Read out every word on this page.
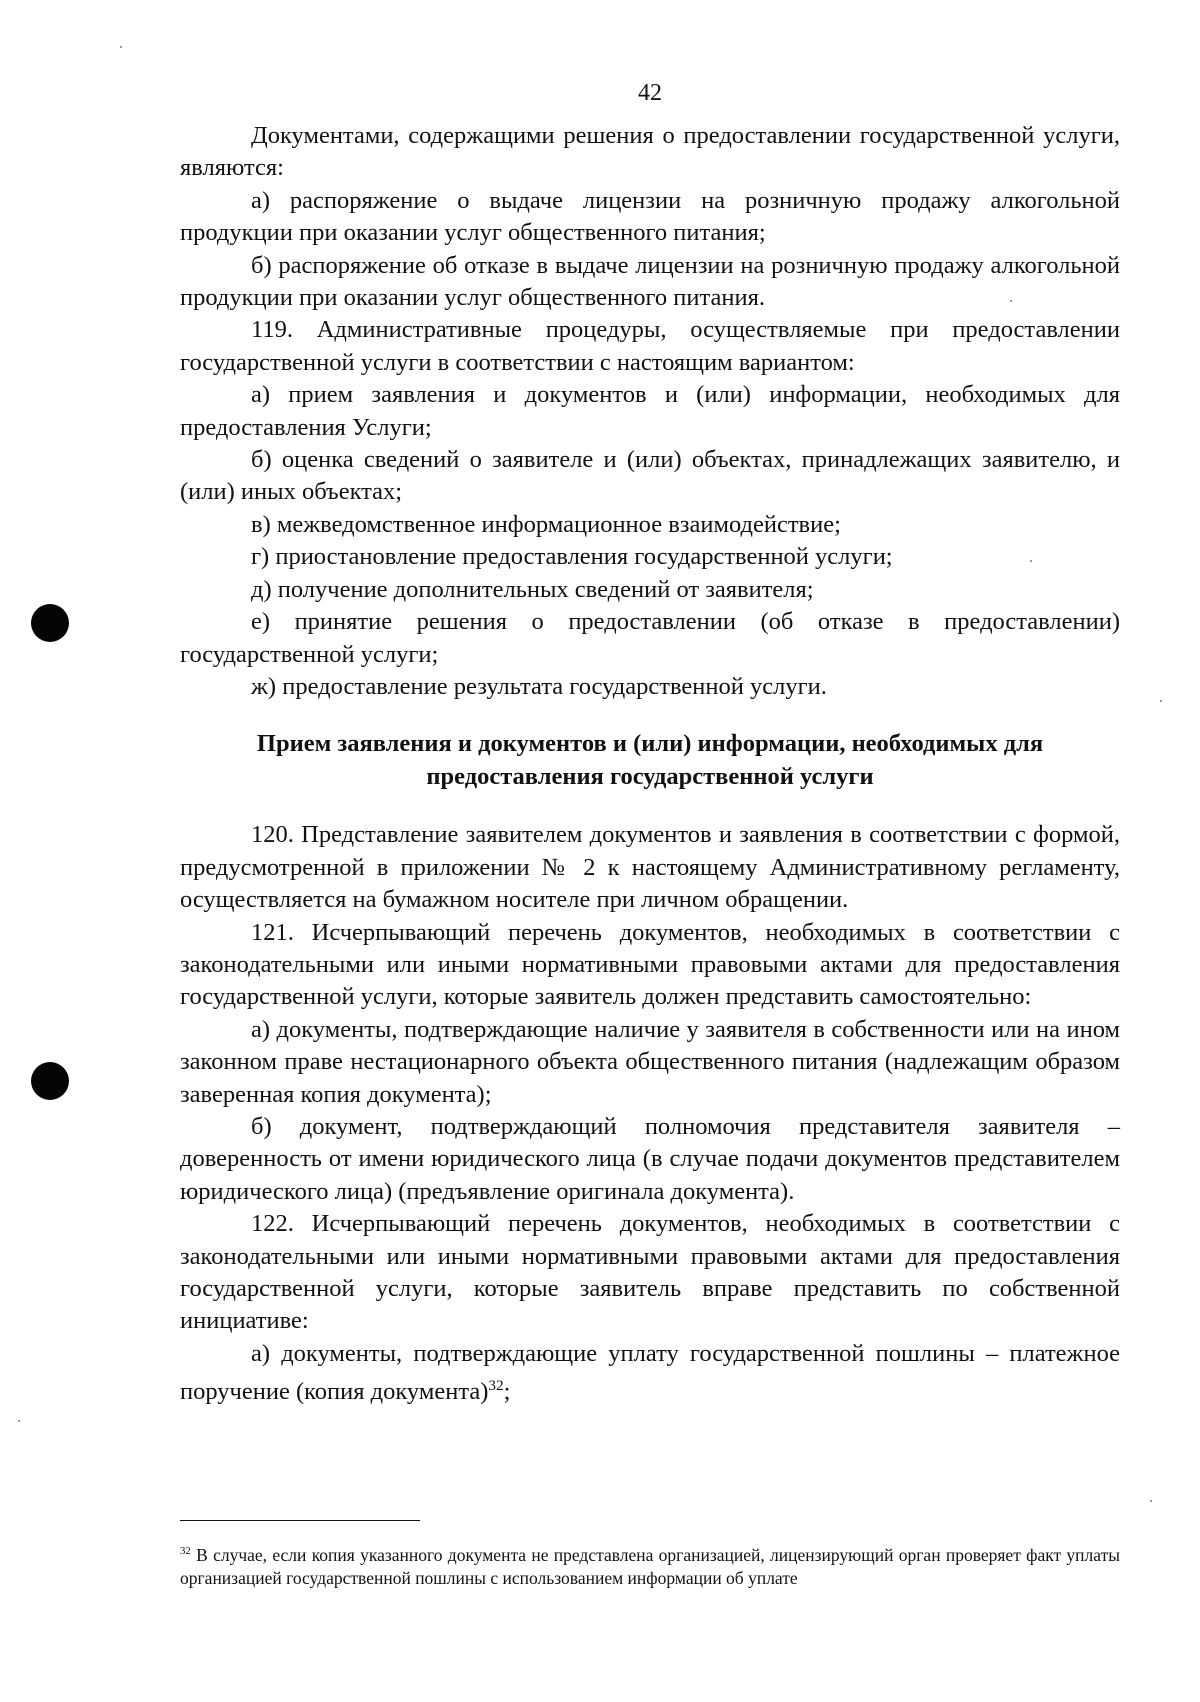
42

Документами, содержащими решения о предоставлении государственной услуги, являются:

а) распоряжение о выдаче лицензии на розничную продажу алкогольной продукции при оказании услуг общественного питания;

б) распоряжение об отказе в выдаче лицензии на розничную продажу алкогольной продукции при оказании услуг общественного питания.

119. Административные процедуры, осуществляемые при предоставлении государственной услуги в соответствии с настоящим вариантом:

а) прием заявления и документов и (или) информации, необходимых для предоставления Услуги;

б) оценка сведений о заявителе и (или) объектах, принадлежащих заявителю, и (или) иных объектах;

в) межведомственное информационное взаимодействие;

г) приостановление предоставления государственной услуги;

д) получение дополнительных сведений от заявителя;

е) принятие решения о предоставлении (об отказе в предоставлении) государственной услуги;

ж) предоставление результата государственной услуги.

Прием заявления и документов и (или) информации, необходимых для
предоставления государственной услуги

120. Представление заявителем документов и заявления в соответствии с формой, предусмотренной в приложении № 2 к настоящему Административному регламенту, осуществляется на бумажном носителе при личном обращении.

121. Исчерпывающий перечень документов, необходимых в соответствии с законодательными или иными нормативными правовыми актами для предоставления государственной услуги, которые заявитель должен представить самостоятельно:

а) документы, подтверждающие наличие у заявителя в собственности или на ином законном праве нестационарного объекта общественного питания (надлежащим образом заверенная копия документа);

б) документ, подтверждающий полномочия представителя заявителя – доверенность от имени юридического лица (в случае подачи документов представителем юридического лица) (предъявление оригинала документа).

122. Исчерпывающий перечень документов, необходимых в соответствии с законодательными или иными нормативными правовыми актами для предоставления государственной услуги, которые заявитель вправе представить по собственной инициативе:

а) документы, подтверждающие уплату государственной пошлины – платежное поручение (копия документа)$^{32}$;

$^{32}$ В случае, если копия указанного документа не представлена организацией, лицензирующий орган проверяет факт уплаты организацией государственной пошлины с использованием информации об уплате
